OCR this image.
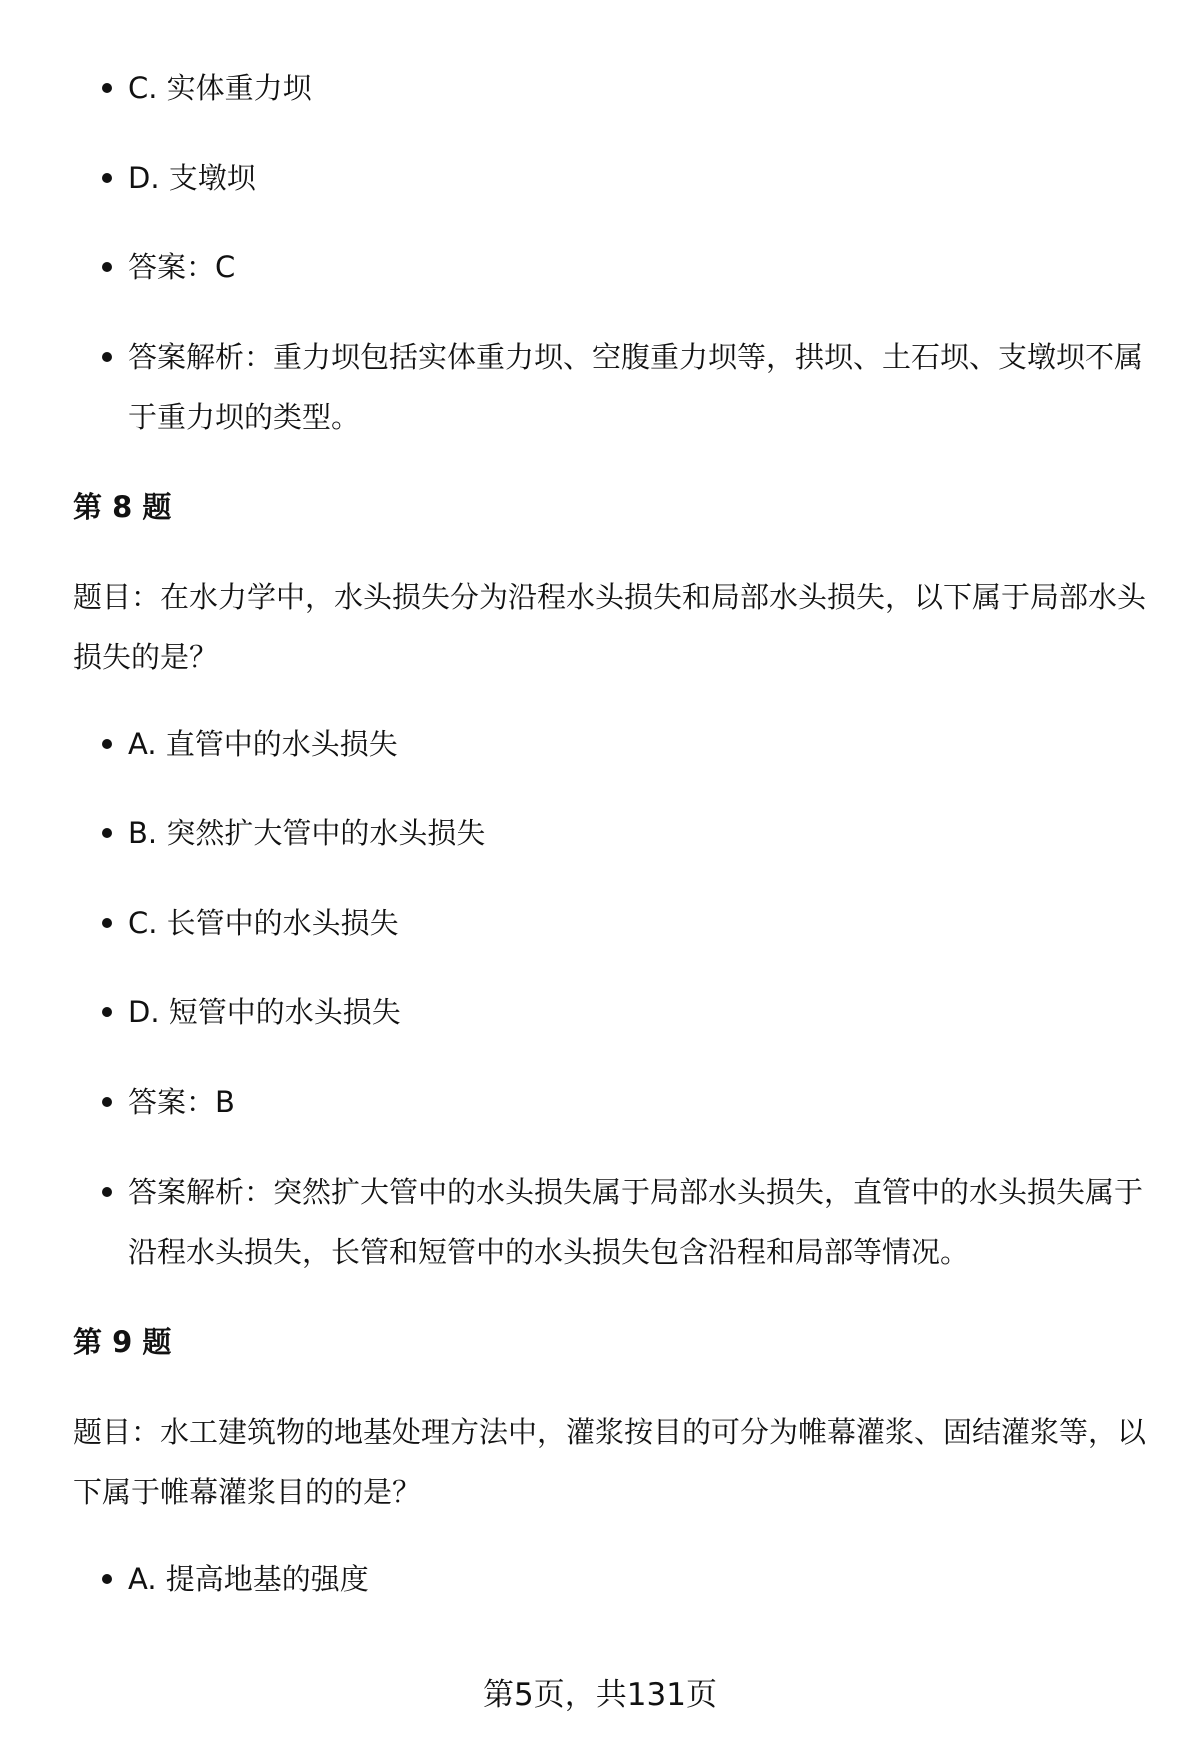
C. 实体重力坝
D. 支墩坝
答案：C
答案解析：重力坝包括实体重力坝、空腹重力坝等，拱坝、土石坝、支墩坝不属于重力坝的类型。
第 8 题
题目：在水力学中，水头损失分为沿程水头损失和局部水头损失，以下属于局部水头损失的是？
A. 直管中的水头损失
B. 突然扩大管中的水头损失
C. 长管中的水头损失
D. 短管中的水头损失
答案：B
答案解析：突然扩大管中的水头损失属于局部水头损失，直管中的水头损失属于沿程水头损失，长管和短管中的水头损失包含沿程和局部等情况。
第 9 题
题目：水工建筑物的地基处理方法中，灌浆按目的可分为帷幕灌浆、固结灌浆等，以下属于帷幕灌浆目的的是？
A. 提高地基的强度
第5页，共131页
